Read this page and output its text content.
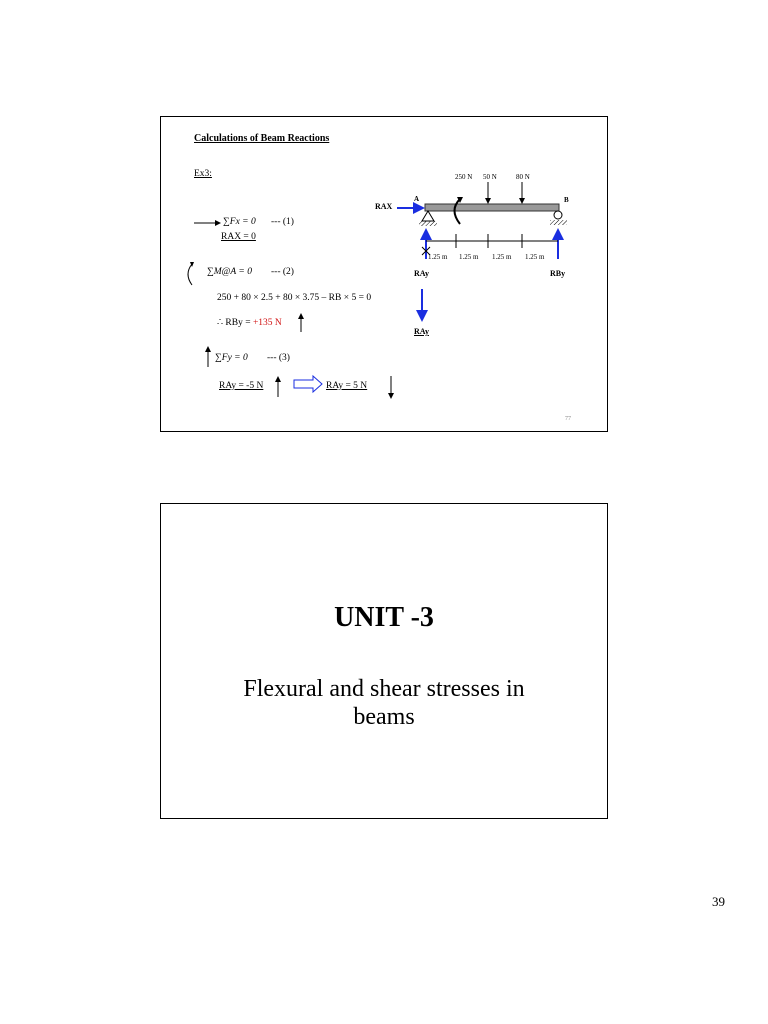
Calculations of Beam Reactions
Ex3:	250 N 50 N	80 N
A	B
RAX
1.25 m 1.25 m 1.25 m 1.25 m
RAy	RBy
RAy
∑Fx = 0 --- (1)
RAX = 0
∑M@A = 0 --- (2)
250 + 80 × 2.5 + 80 × 3.75 – RB × 5 = 0
∴ RBy = +135 N
∑Fy = 0 --- (3)
RAy = -5 N	RAy = 5 N
77
UNIT -3
Flexural and shear stresses in beams
39
